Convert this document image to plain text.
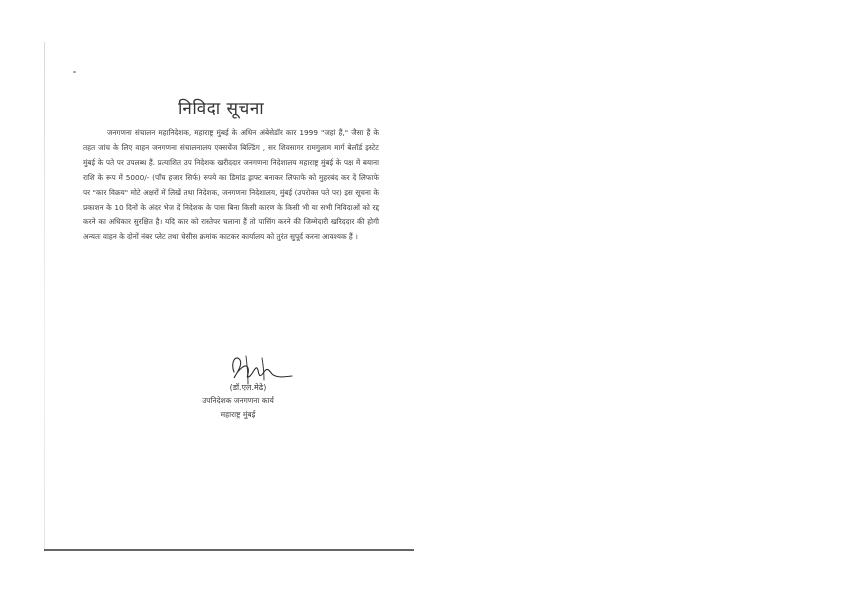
निविदा सूचना
जनगणना संचालन महानिदेशक, महाराष्ट्र मुंबई के अधिन अंबेसेडॉर कार 1999 "जहां हैं," जैसा हैं के तहत जांच के लिए वाहन जनगणना संचालनालय एक्सचेंज बिल्डिंग , सर शिवसागर रामगुलाम मार्ग बेलॉर्ड इस्टेट मुंबई के पते पर उपलब्ध हैं. प्रत्याशित उप निदेशक खरीददार जनगणना निदेशालय महाराष्ट्र मुंबई के पक्ष में बयाना राशि के रूप में 5000/- (पाँच हजार सिर्फ) रुपये का डिमांड ड्राफ्ट बनाकर लिफाफे को मुहरबंद कर दें लिफाफे पर "कार विक्रय" मोटे अक्षरों में लिखें तथा निदेशक, जनगणना निदेशालय, मुंबई (उपरोक्त पते पर) इस सूचना के प्रकाशन के 10 दिनों के अंदर भेज दें निदेशक के पास बिना किसी कारण के किसी भी या सभी निविदाओं को रद्द करने का अधिकार सुरक्षित है। यदि कार को रास्तेपर चलाना हैं तो पासिंग करने की जिम्मेदारी खरिददार की होगी अन्यतः वाहन के दोनों नंबर प्लेट तथा चेसीस क्रमांक काटकर कार्यालय को तुरंत सुपूर्द करना आवश्यक हैं ।
(डॉ.एल.मेढे)
उपनिदेशक जनगणना कार्य
महाराष्ट्र मुंबई
